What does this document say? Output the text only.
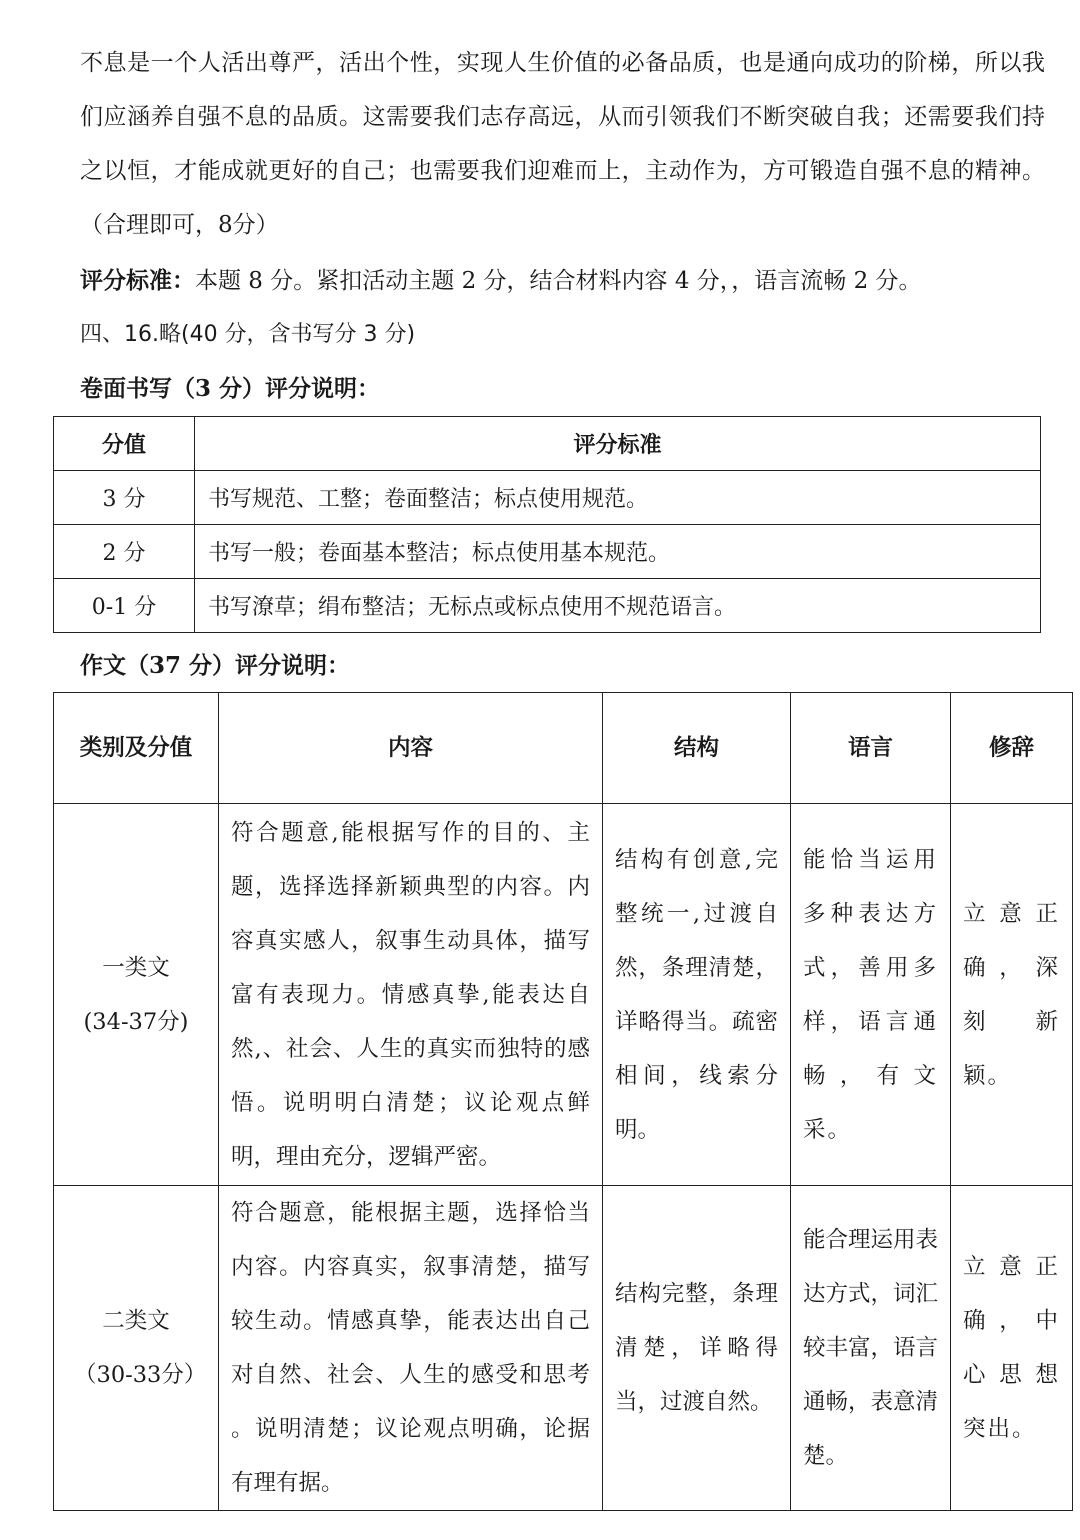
不息是一个人活出尊严，活出个性，实现人生价值的必备品质，也是通向成功的阶梯，所以我们应涵养自强不息的品质。这需要我们志存高远，从而引领我们不断突破自我；还需要我们持之以恒，才能成就更好的自己；也需要我们迎难而上，主动作为，方可锻造自强不息的精神。（合理即可，8分）

评分标准：本题 8 分。紧扣活动主题 2 分，结合材料内容 4 分，，语言流畅 2 分。

四、16.略(40 分，含书写分 3 分)

卷面书写（3 分）评分说明：

分值	评分标准
3 分	书写规范、工整；卷面整洁；标点使用规范。
2 分	书写一般；卷面基本整洁；标点使用基本规范。
0-1 分	书写潦草；绢布整洁；无标点或标点使用不规范语言。

作文（37 分）评分说明：

类别及分值	内容	结构	语言	修辞

一类文
(34-37分)	符合题意,能根据写作的目的、主题，选择选择新颖典型的内容。内容真实感人，叙事生动具体，描写富有表现力。情感真挚,能表达自然,、社会、人生的真实而独特的感悟。说明明白清楚；议论观点鲜明，理由充分，逻辑严密。	结构有创意,完整统一,过渡自然，条理清楚，详略得当。疏密相间，线索分明。	能恰当运用多种表达方式，善用多样，语言通畅，有文采。	立意正确，深刻新颖。

二类文
（30-33分）	符合题意，能根据主题，选择恰当内容。内容真实，叙事清楚，描写较生动。情感真挚，能表达出自己对自然、社会、人生的感受和思考 。说明清楚；议论观点明确，论据有理有据。	结构完整，条理清楚，详略得当，过渡自然。	能合理运用表达方式，词汇较丰富，语言通畅，表意清楚。	立意正确，中心思想突出。
